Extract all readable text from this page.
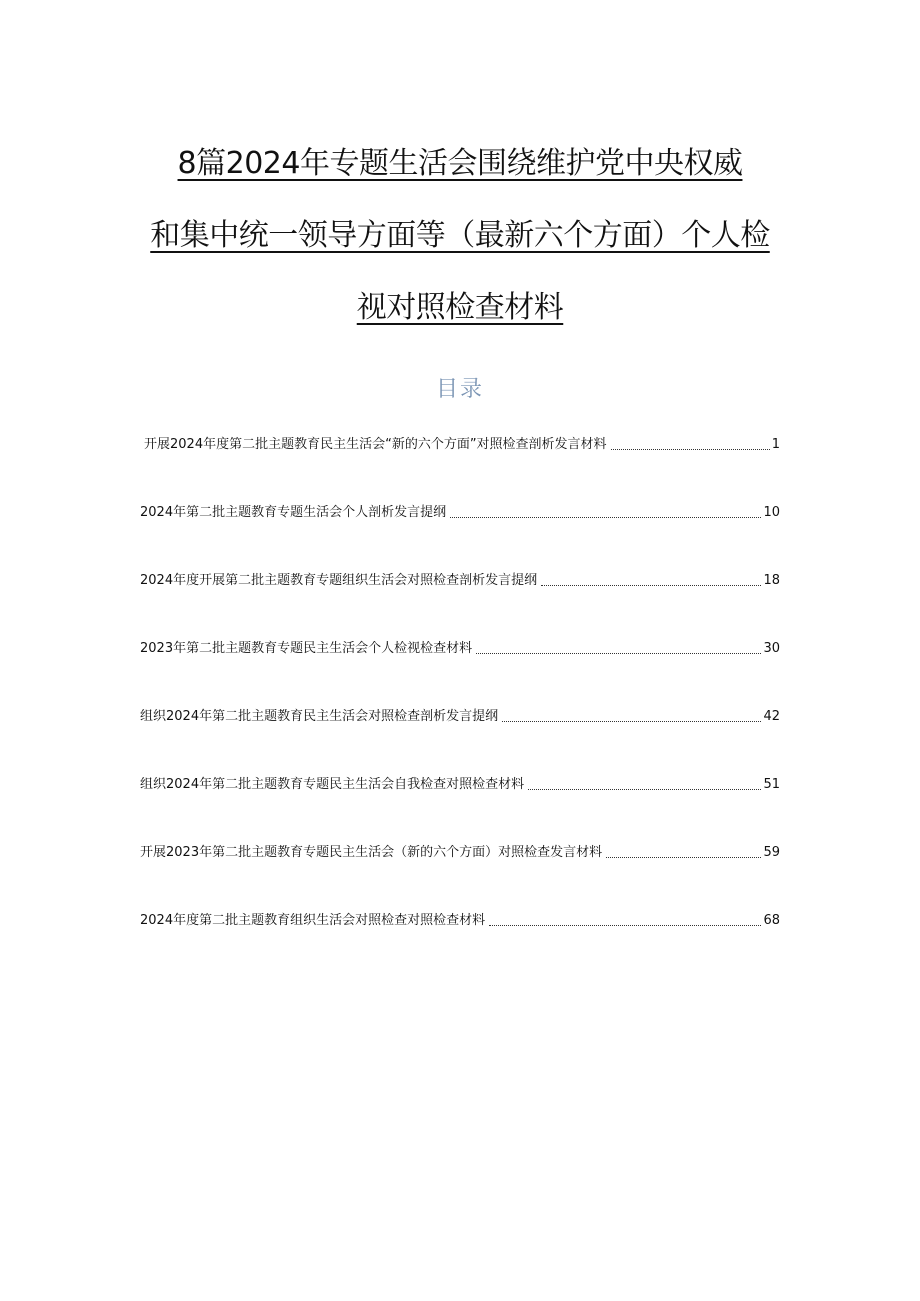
8篇2024年专题生活会围绕维护党中央权威
和集中统一领导方面等（最新六个方面）个人检
视对照检查材料
目录
开展2024年度第二批主题教育民主生活会“新的六个方面”对照检查剖析发言材料	1
2024年第二批主题教育专题生活会个人剖析发言提纲	10
2024年度开展第二批主题教育专题组织生活会对照检查剖析发言提纲	18
2023年第二批主题教育专题民主生活会个人检视检查材料	30
组织2024年第二批主题教育民主生活会对照检查剖析发言提纲	42
组织2024年第二批主题教育专题民主生活会自我检查对照检查材料	51
开展2023年第二批主题教育专题民主生活会（新的六个方面）对照检查发言材料	59
2024年度第二批主题教育组织生活会对照检查对照检查材料	68
